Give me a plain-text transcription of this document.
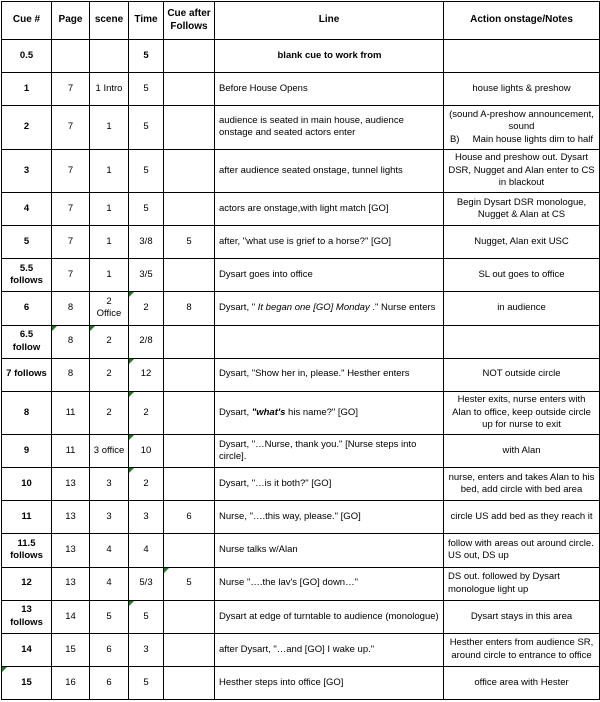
Cue #	Page	scene	Time	Cue after Follows	Line	Action onstage/Notes
0.5			5		blank cue to work from	
1	7	1 Intro	5		Before House Opens	house lights & preshow
2	7	1	5		audience is seated in main house, audience onstage and seated actors enter	(sound A-preshow announcement, sound
B)     Main house lights dim to half
3	7	1	5		after audience seated onstage, tunnel lights	House and preshow out. Dysart DSR, Nugget and Alan enter to CS in blackout
4	7	1	5		actors are onstage,with light match [GO]	Begin Dysart DSR monologue, Nugget & Alan at CS
5	7	1	3/8	5	after, "what use is grief to a horse?" [GO]	Nugget, Alan exit USC
5.5 follows	7	1	3/5		Dysart goes into office	SL out goes to office
6	8	2 Office	2	8	Dysart, " It began one [GO] Monday ." Nurse enters	in audience
6.5 follow	8	2	2/8			
7 follows	8	2	12		Dysart, "Show her in, please." Hesther enters	NOT outside circle
8	11	2	2		Dysart, "what's his name?" [GO]	Hester exits, nurse enters with Alan to office, keep outside circle up for nurse to exit
9	11	3 office	10		Dysart, "…Nurse, thank you." [Nurse steps into circle].	with Alan
10	13	3	2		Dysart, "…is it both?" [GO]	nurse, enters and takes Alan to his bed, add circle with bed area
11	13	3	3	6	Nurse, "….this way, please." [GO]	circle US add bed as they reach it
11.5 follows	13	4	4		Nurse talks w/Alan	follow with areas out around circle. US out, DS up
12	13	4	5/3	5	Nurse "….the lav's [GO] down…"	DS out. followed by Dysart monologue light up
13 follows	14	5	5		Dysart at edge of turntable to audience (monologue)	Dysart stays in this area
14	15	6	3		after Dysart, "…and [GO] I wake up."	Hesther enters from audience SR, around circle to entrance to office

15	16	6	5		Hesther steps into office [GO]	office area with Hester
